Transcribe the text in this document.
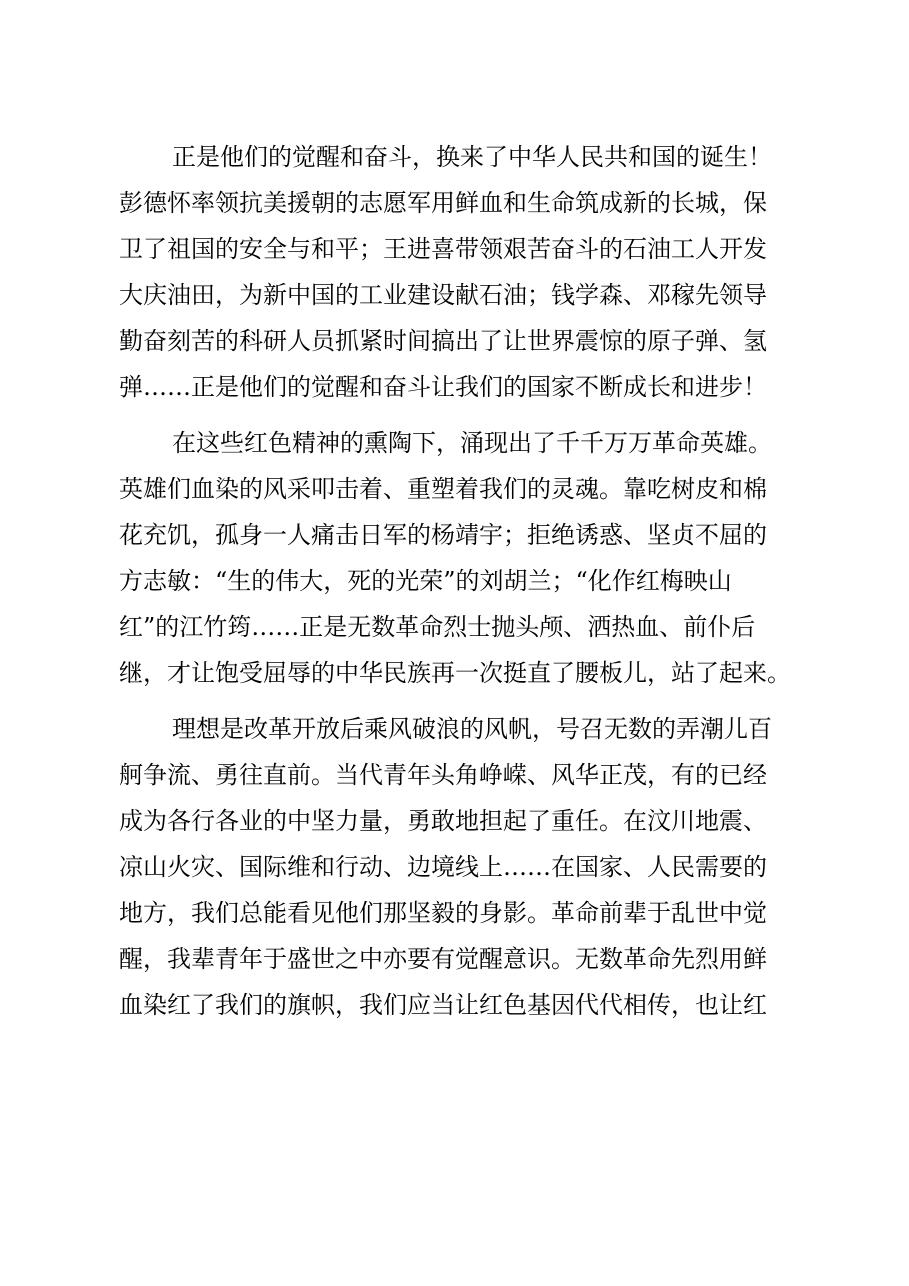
正是他们的觉醒和奋斗，换来了中华人民共和国的诞生！
彭德怀率领抗美援朝的志愿军用鲜血和生命筑成新的长城，保
卫了祖国的安全与和平；王进喜带领艰苦奋斗的石油工人开发
大庆油田，为新中国的工业建设献石油；钱学森、邓稼先领导
勤奋刻苦的科研人员抓紧时间搞出了让世界震惊的原子弹、氢
弹……正是他们的觉醒和奋斗让我们的国家不断成长和进步！
在这些红色精神的熏陶下，涌现出了千千万万革命英雄。
英雄们血染的风采叩击着、重塑着我们的灵魂。靠吃树皮和棉
花充饥，孤身一人痛击日军的杨靖宇；拒绝诱惑、坚贞不屈的
方志敏：“生的伟大，死的光荣”的刘胡兰；“化作红梅映山
红”的江竹筠……正是无数革命烈士抛头颅、洒热血、前仆后
继，才让饱受屈辱的中华民族再一次挺直了腰板儿，站了起来。
理想是改革开放后乘风破浪的风帆，号召无数的弄潮儿百
舸争流、勇往直前。当代青年头角峥嵘、风华正茂，有的已经
成为各行各业的中坚力量，勇敢地担起了重任。在汶川地震、
凉山火灾、国际维和行动、边境线上……在国家、人民需要的
地方，我们总能看见他们那坚毅的身影。革命前辈于乱世中觉
醒，我辈青年于盛世之中亦要有觉醒意识。无数革命先烈用鲜
血染红了我们的旗帜，我们应当让红色基因代代相传，也让红
